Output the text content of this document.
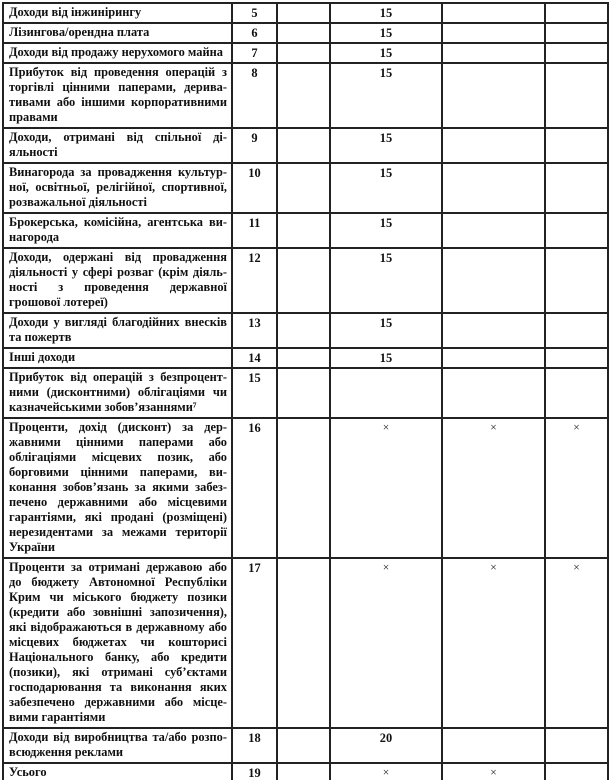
Доходи від інжинірингу	5		15		
Лізингова/орендна плата	6		15		
Доходи від продажу нерухомого майна	7		15		
Прибуток від проведення операцій з торгівлі цінними паперами, деривативами або іншими корпоративними правами	8		15		
Доходи, отримані від спільної діяльності	9		15		
Винагорода за провадження культурної, освітньої, релігійної, спортивної, розважальної діяльності	10		15		
Брокерська, комісійна, агентська винагорода	11		15		
Доходи, одержані від провадження діяльності у сфері розваг (крім діяльності з проведення державної грошової лотереї)	12		15		
Доходи у вигляді благодійних внесків та пожертв	13		15		
Інші доходи	14		15		
Прибуток від операцій з безпроцентними (дисконтними) облігаціями чи казначейськими зобов’язаннями⁷	15				
Проценти, дохід (дисконт) за державними цінними паперами або облігаціями місцевих позик, або борговими цінними паперами, виконання зобов’язань за якими забезпечено державними або місцевими гарантіями, які продані (розміщені) нерезидентами за межами території України	16		×	×	×
Проценти за отримані державою або до бюджету Автономної Республіки Крим чи міського бюджету позики (кредити або зовнішні запозичення), які відображаються в державному або місцевих бюджетах чи кошторисі Національного банку, або кредити (позики), які отримані суб’єктами господарювання та виконання яких забезпечено державними або місцевими гарантіями	17		×	×	×
Доходи від виробництва та/або розповсюдження реклами	18		20		
Усього	19		×	×	
